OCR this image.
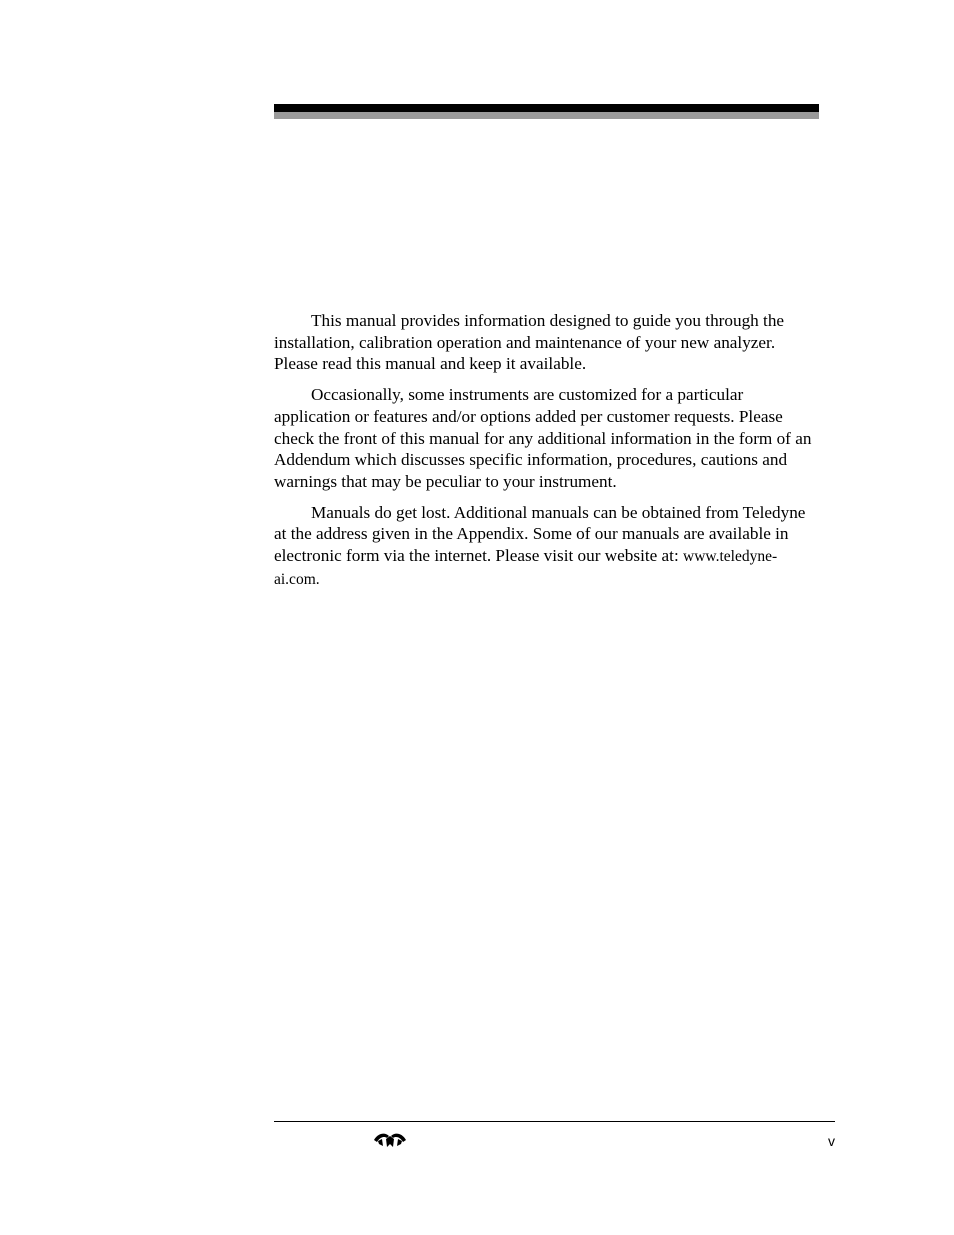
This manual provides information designed to guide you through the installation, calibration operation and maintenance of your new analyzer. Please read this manual and keep it available.

Occasionally, some instruments are customized for a particular application or features and/or options added per customer requests. Please check the front of this manual for any additional information in the form of an Addendum which discusses specific information, procedures, cautions and warnings that may be peculiar to your instrument.

Manuals do get lost. Additional manuals can be obtained from Teledyne at the address given in the Appendix. Some of our manuals are available in electronic form via the internet. Please visit our website at: www.teledyne-ai.com.

v
